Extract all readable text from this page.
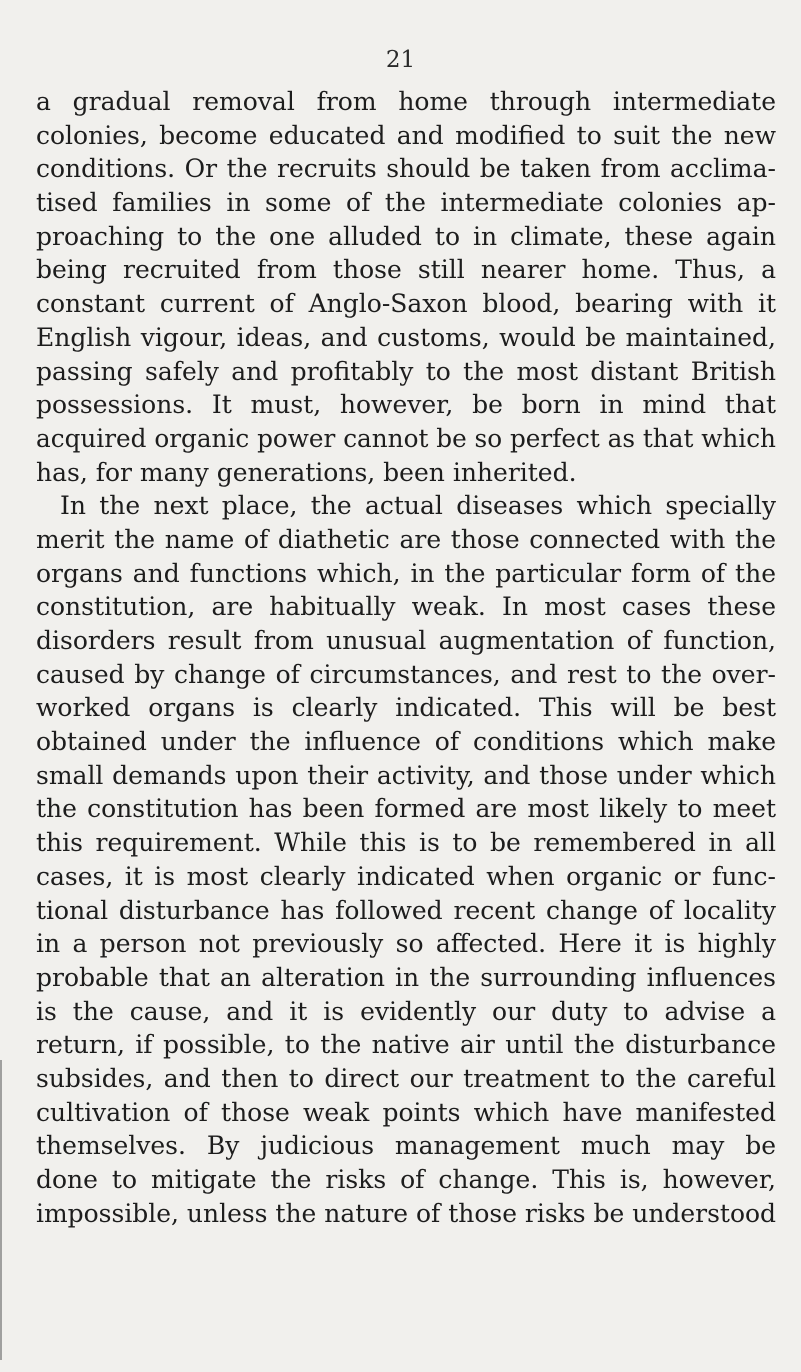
21
a gradual removal from home through intermediate
colonies, become educated and modified to suit the new
conditions. Or the recruits should be taken from acclima-
tised families in some of the intermediate colonies ap-
proaching to the one alluded to in climate, these again
being recruited from those still nearer home. Thus, a
constant current of Anglo-Saxon blood, bearing with it
English vigour, ideas, and customs, would be maintained,
passing safely and profitably to the most distant British
possessions. It must, however, be born in mind that
acquired organic power cannot be so perfect as that which
has, for many generations, been inherited.
In the next place, the actual diseases which specially
merit the name of diathetic are those connected with the
organs and functions which, in the particular form of the
constitution, are habitually weak. In most cases these
disorders result from unusual augmentation of function,
caused by change of circumstances, and rest to the over-
worked organs is clearly indicated. This will be best
obtained under the influence of conditions which make
small demands upon their activity, and those under which
the constitution has been formed are most likely to meet
this requirement. While this is to be remembered in all
cases, it is most clearly indicated when organic or func-
tional disturbance has followed recent change of locality
in a person not previously so affected. Here it is highly
probable that an alteration in the surrounding influences
is the cause, and it is evidently our duty to advise a
return, if possible, to the native air until the disturbance
subsides, and then to direct our treatment to the careful
cultivation of those weak points which have manifested
themselves. By judicious management much may be
done to mitigate the risks of change. This is, however,
impossible, unless the nature of those risks be understood
